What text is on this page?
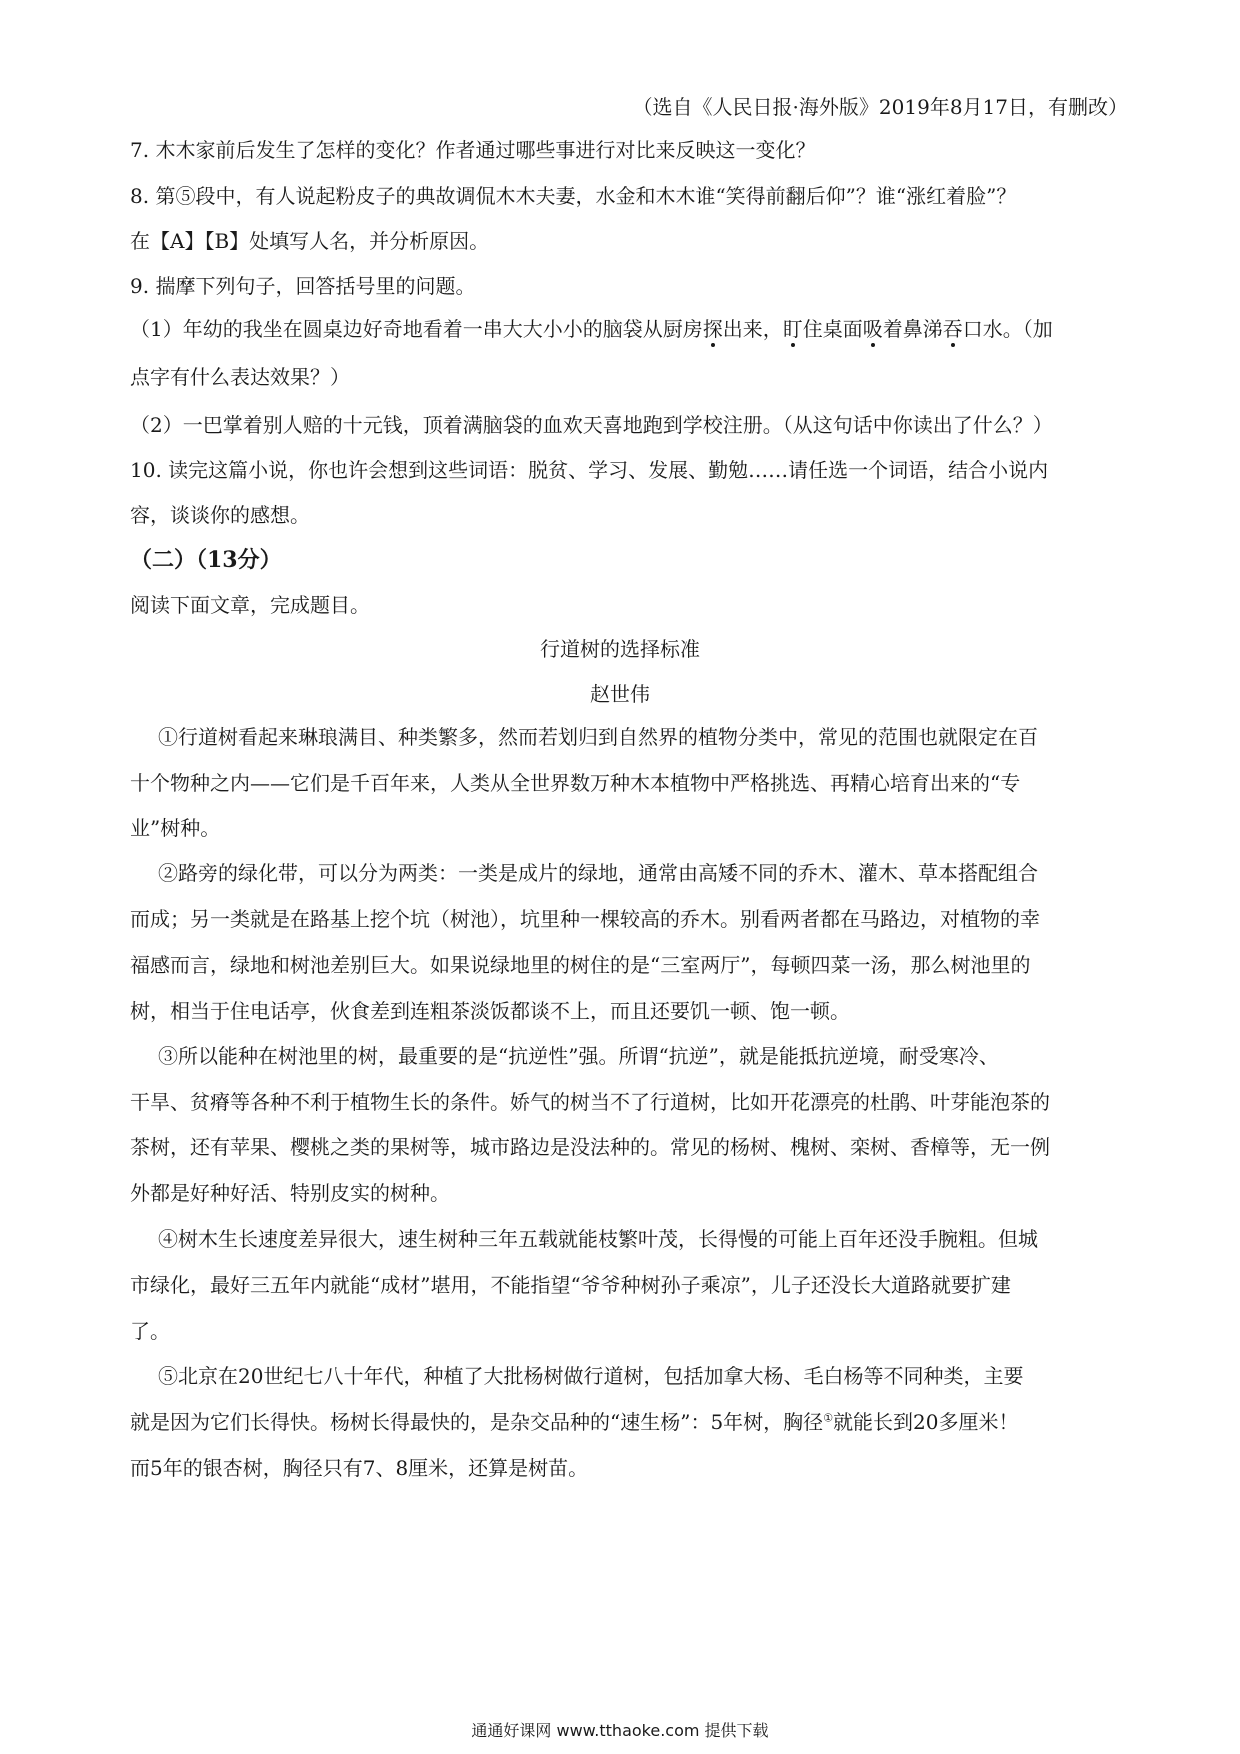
（选自《人民日报·海外版》2019年8月17日，有删改）
7. 木木家前后发生了怎样的变化？作者通过哪些事进行对比来反映这一变化？
8. 第⑤段中，有人说起粉皮子的典故调侃木木夫妻，水金和木木谁“笑得前翻后仰”？谁“涨红着脸”？
在【A】【B】处填写人名，并分析原因。
9. 揣摩下列句子，回答括号里的问题。
（1）年幼的我坐在圆桌边好奇地看着一串大大小小的脑袋从厨房探出来，盯住桌面吸着鼻涕吞口水。（加
点字有什么表达效果？）
（2）一巴掌着别人赔的十元钱，顶着满脑袋的血欢天喜地跑到学校注册。（从这句话中你读出了什么？）
10. 读完这篇小说，你也许会想到这些词语：脱贫、学习、发展、勤勉……请任选一个词语，结合小说内
容，谈谈你的感想。
（二）（13分）
阅读下面文章，完成题目。
行道树的选择标准
赵世伟
①行道树看起来琳琅满目、种类繁多，然而若划归到自然界的植物分类中，常见的范围也就限定在百
十个物种之内——它们是千百年来，人类从全世界数万种木本植物中严格挑选、再精心培育出来的“专
业”树种。
②路旁的绿化带，可以分为两类：一类是成片的绿地，通常由高矮不同的乔木、灌木、草本搭配组合
而成；另一类就是在路基上挖个坑（树池），坑里种一棵较高的乔木。别看两者都在马路边，对植物的幸
福感而言，绿地和树池差别巨大。如果说绿地里的树住的是“三室两厅”，每顿四菜一汤，那么树池里的
树，相当于住电话亭，伙食差到连粗茶淡饭都谈不上，而且还要饥一顿、饱一顿。
③所以能种在树池里的树，最重要的是“抗逆性”强。所谓“抗逆”，就是能抵抗逆境，耐受寒冷、
干旱、贫瘠等各种不利于植物生长的条件。娇气的树当不了行道树，比如开花漂亮的杜鹃、叶芽能泡茶的
茶树，还有苹果、樱桃之类的果树等，城市路边是没法种的。常见的杨树、槐树、栾树、香樟等，无一例
外都是好种好活、特别皮实的树种。
④树木生长速度差异很大，速生树种三年五载就能枝繁叶茂，长得慢的可能上百年还没手腕粗。但城
市绿化，最好三五年内就能“成材”堪用，不能指望“爷爷种树孙子乘凉”，儿子还没长大道路就要扩建
了。
⑤北京在20世纪七八十年代，种植了大批杨树做行道树，包括加拿大杨、毛白杨等不同种类，主要
就是因为它们长得快。杨树长得最快的，是杂交品种的“速生杨”：5年树，胸径①就能长到20多厘米！
而5年的银杏树，胸径只有7、8厘米，还算是树苗。
通通好课网 www.tthaoke.com 提供下载
